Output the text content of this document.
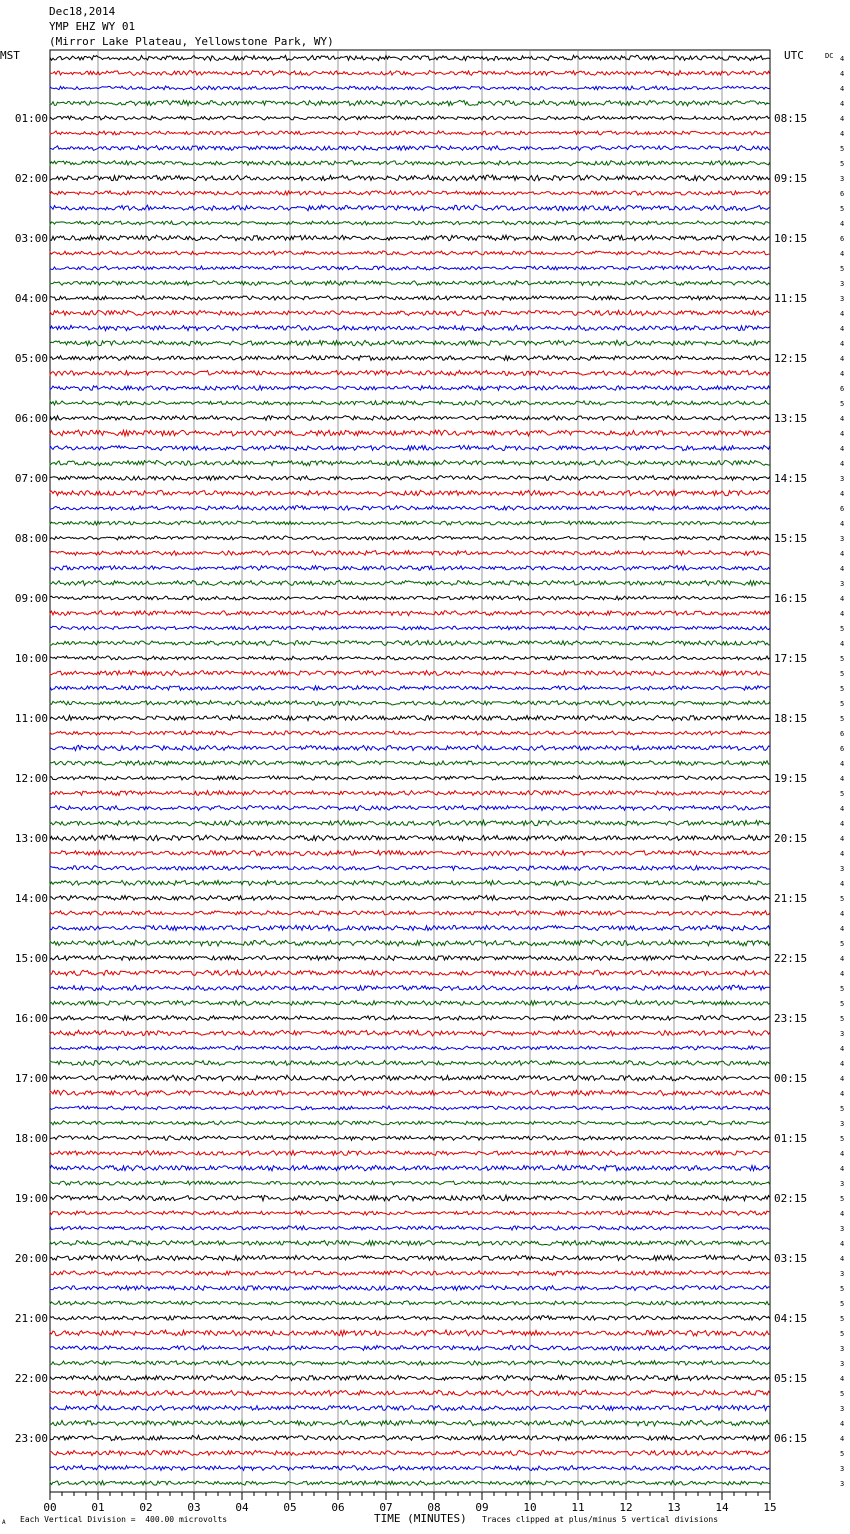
Dec18,2014
YMP EHZ WY 01
(Mirror Lake Plateau, Yellowstone Park, WY)
MST	UTC	DC 4
4
4
4
4
4
5
5
3
6
5
4
6
4
5
3
3
4
4
4
4
4
6
5
4
4
4
4
3
4
6
4
3
4
4
3
4
4
5
4
5
5
5
5
5
6
6
4
4
5
4
4
4
4
3
4
5
4
4
5
4
4
5
5
5
3
4
4
4
4
5
3
5
4
4
3
5
4
3
4
4
3
5
5
5
5
3
3
4
5
3
4
4
5
3
3
01:00
02:00
03:00
04:00
05:00
06:00
07:00
08:00
09:00
10:00
11:00
12:00
13:00
14:00
15:00
16:00
17:00
18:00
19:00
20:00
21:00
22:00
23:00
08:15
09:15
10:15
11:15
12:15
13:15
14:15
15:15
16:15
17:15
18:15
19:15
20:15
21:15
22:15
23:15
00:15
01:15
02:15
03:15
04:15
05:15
06:15
00	01	02	03	04	05	06	07	08	09	10	11	12	13	14	15
A Each Vertical Division =  400.00 microvolts	TIME (MINUTES) Traces clipped at plus/minus 5 vertical divisions
